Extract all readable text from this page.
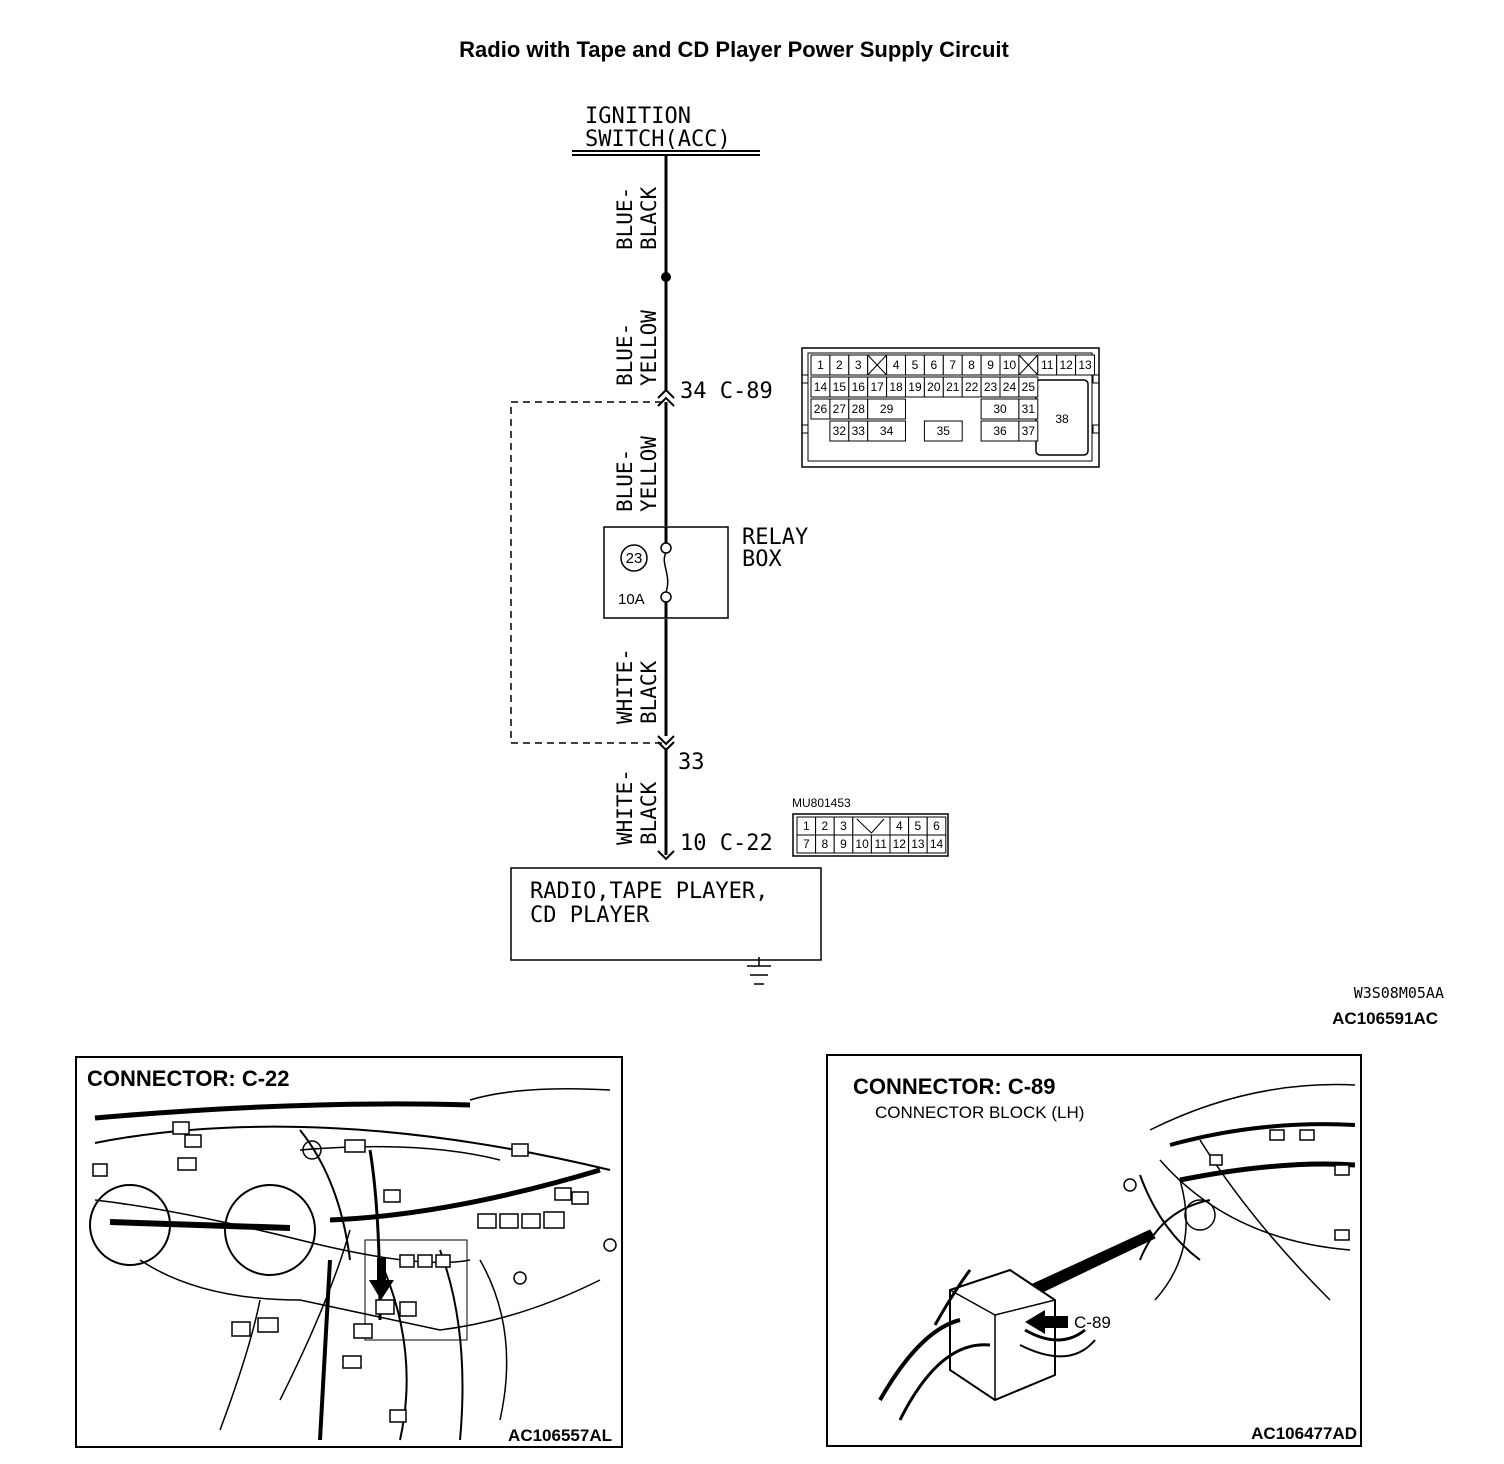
Radio with Tape and CD Player Power Supply Circuit
IGNITION
SWITCH(ACC)
BLUE- BLACK
BLUE- YELLOW
BLUE- YELLOW
WHITE- BLACK
WHITE- BLACK
34 C-89
33
10 C-22
23
10A
RELAY
BOX
38
1 2 3	4 5 6 7 8 9 10 11 12 13
14 15 16 17 18 19 20 21 22 23 24 25
26 27 28 29	30 31
32 33 34	35	36 37
MU801453
1 2 3	4 5 6
7 8 9 10 11 12 13 14
RADIO,TAPE PLAYER,
CD PLAYER
W3S08M05AA
AC106591AC
CONNECTOR: C-22
AC106557AL
CONNECTOR: C-89
CONNECTOR BLOCK (LH)
C-89
AC106477AD
